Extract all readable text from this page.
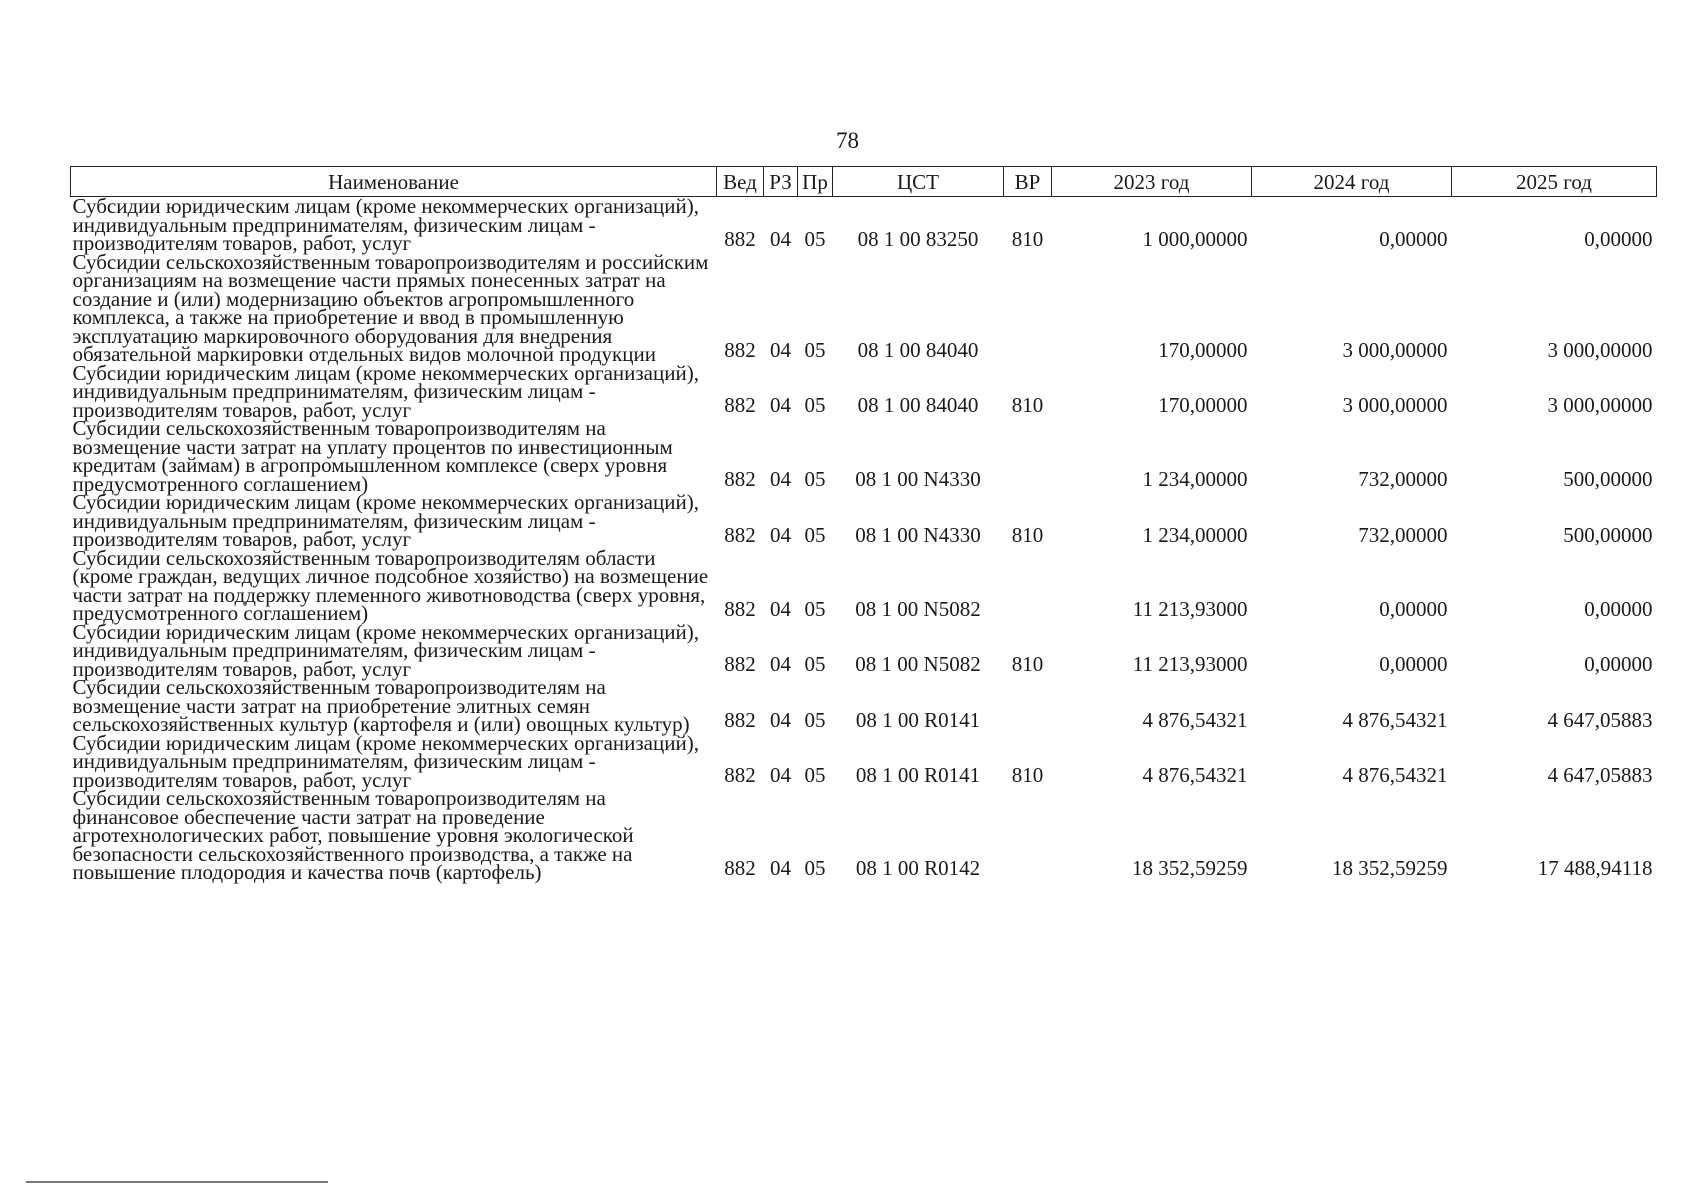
78
Наименование	Вед	РЗ	Пр	ЦСТ	ВР	2023 год	2024 год	2025 год
Субсидии юридическим лицам (кроме некоммерческих организаций), индивидуальным предпринимателям, физическим лицам - производителям товаров, работ, услуг	882	04	05	08 1 00 83250	810	1 000,00000	0,00000	0,00000
Субсидии сельскохозяйственным товаропроизводителям и российским организациям на возмещение части прямых понесенных затрат на создание и (или) модернизацию объектов агропромышленного комплекса, а также на приобретение и ввод в промышленную эксплуатацию маркировочного оборудования для внедрения обязательной маркировки отдельных видов молочной продукции	882	04	05	08 1 00 84040		170,00000	3 000,00000	3 000,00000
Субсидии юридическим лицам (кроме некоммерческих организаций), индивидуальным предпринимателям, физическим лицам - производителям товаров, работ, услуг	882	04	05	08 1 00 84040	810	170,00000	3 000,00000	3 000,00000
Субсидии сельскохозяйственным товаропроизводителям на возмещение части затрат на уплату процентов по инвестиционным кредитам (займам) в агропромышленном комплексе (сверх уровня предусмотренного соглашением)	882	04	05	08 1 00 N4330		1 234,00000	732,00000	500,00000
Субсидии юридическим лицам (кроме некоммерческих организаций), индивидуальным предпринимателям, физическим лицам - производителям товаров, работ, услуг	882	04	05	08 1 00 N4330	810	1 234,00000	732,00000	500,00000
Субсидии сельскохозяйственным товаропроизводителям области (кроме граждан, ведущих личное подсобное хозяйство) на возмещение части затрат на поддержку племенного животноводства (сверх уровня, предусмотренного соглашением)	882	04	05	08 1 00 N5082		11 213,93000	0,00000	0,00000
Субсидии юридическим лицам (кроме некоммерческих организаций), индивидуальным предпринимателям, физическим лицам - производителям товаров, работ, услуг	882	04	05	08 1 00 N5082	810	11 213,93000	0,00000	0,00000
Субсидии сельскохозяйственным товаропроизводителям на возмещение части затрат на приобретение элитных семян сельскохозяйственных культур (картофеля и (или) овощных культур)	882	04	05	08 1 00 R0141		4 876,54321	4 876,54321	4 647,05883
Субсидии юридическим лицам (кроме некоммерческих организаций), индивидуальным предпринимателям, физическим лицам - производителям товаров, работ, услуг	882	04	05	08 1 00 R0141	810	4 876,54321	4 876,54321	4 647,05883
Субсидии сельскохозяйственным товаропроизводителям на финансовое обеспечение части затрат на проведение агротехнологических работ, повышение уровня экологической безопасности сельскохозяйственного производства, а также на повышение плодородия и качества почв (картофель)	882	04	05	08 1 00 R0142		18 352,59259	18 352,59259	17 488,94118
